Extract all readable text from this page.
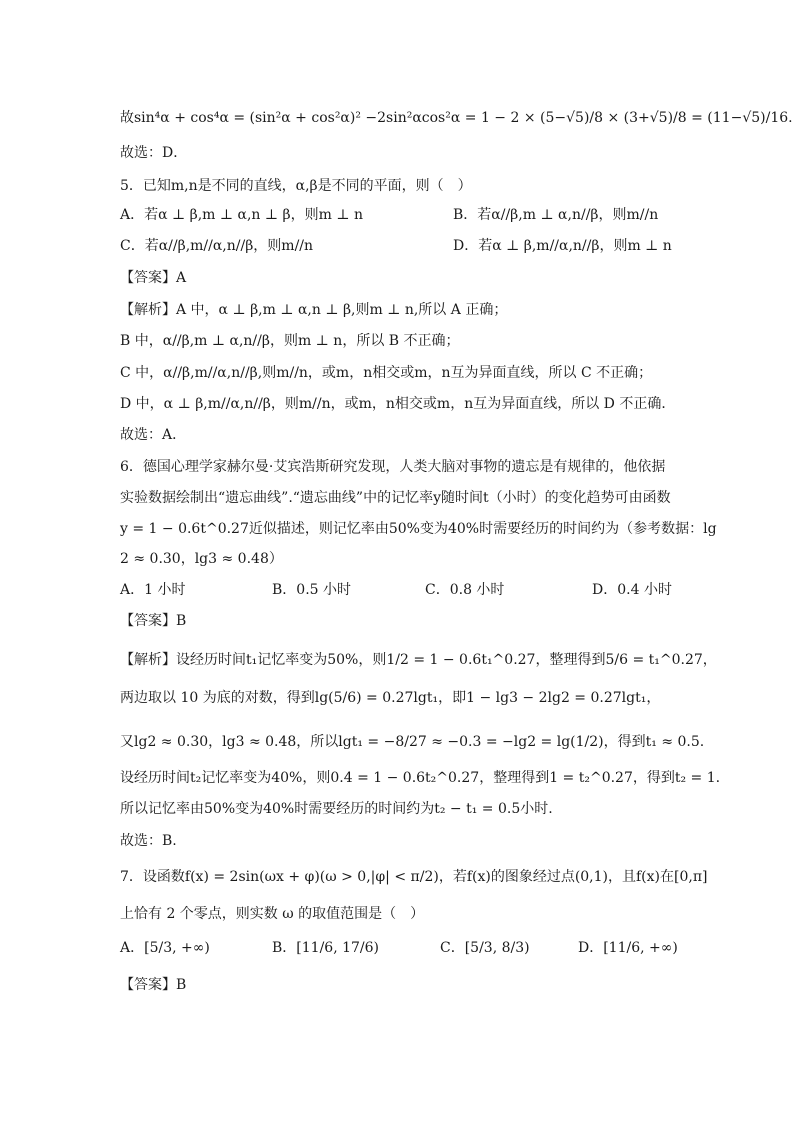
故sin⁴α + cos⁴α = (sin²α + cos²α)² −2sin²αcos²α = 1 − 2 × (5−√5)/8 × (3+√5)/8 = (11−√5)/16.
故选：D．
5．已知m,n是不同的直线，α,β是不同的平面，则（　）
A．若α ⊥ β,m ⊥ α,n ⊥ β，则m ⊥ n	B．若α//β,m ⊥ α,n//β，则m//n
C．若α//β,m//α,n//β，则m//n	D．若α ⊥ β,m//α,n//β，则m ⊥ n
【答案】A
【解析】A 中，α ⊥ β,m ⊥ α,n ⊥ β,则m ⊥ n,所以 A 正确；
B 中，α//β,m ⊥ α,n//β，则m ⊥ n，所以 B 不正确；
C 中，α//β,m//α,n//β,则m//n，或m，n相交或m，n互为异面直线，所以 C 不正确；
D 中，α ⊥ β,m//α,n//β，则m//n，或m，n相交或m，n互为异面直线，所以 D 不正确．
故选：A．
6．德国心理学家赫尔曼·艾宾浩斯研究发现，人类大脑对事物的遗忘是有规律的，他依据
实验数据绘制出“遗忘曲线”.“遗忘曲线”中的记忆率y随时间t（小时）的变化趋势可由函数
y = 1 − 0.6t^0.27近似描述，则记忆率由50%变为40%时需要经历的时间约为（参考数据：lg
2 ≈ 0.30，lg3 ≈ 0.48）
A．1 小时	B．0.5 小时	C．0.8 小时	D．0.4 小时
【答案】B
【解析】设经历时间t₁记忆率变为50%，则1/2 = 1 − 0.6t₁^0.27，整理得到5/6 = t₁^0.27，
两边取以 10 为底的对数，得到lg(5/6) = 0.27lgt₁，即1 − lg3 − 2lg2 = 0.27lgt₁，
又lg2 ≈ 0.30，lg3 ≈ 0.48，所以lgt₁ = −8/27 ≈ −0.3 = −lg2 = lg(1/2)，得到t₁ ≈ 0.5.
设经历时间t₂记忆率变为40%，则0.4 = 1 − 0.6t₂^0.27，整理得到1 = t₂^0.27，得到t₂ = 1.
所以记忆率由50%变为40%时需要经历的时间约为t₂ − t₁ = 0.5小时.
故选：B.
7．设函数f(x) = 2sin(ωx + φ)(ω > 0,|φ| < π/2)，若f(x)的图象经过点(0,1)，且f(x)在[0,π]
上恰有 2 个零点，则实数 ω 的取值范围是（　）
A．[5/3, +∞)	B．[11/6, 17/6)	C．[5/3, 8/3)	D．[11/6, +∞)
【答案】B
